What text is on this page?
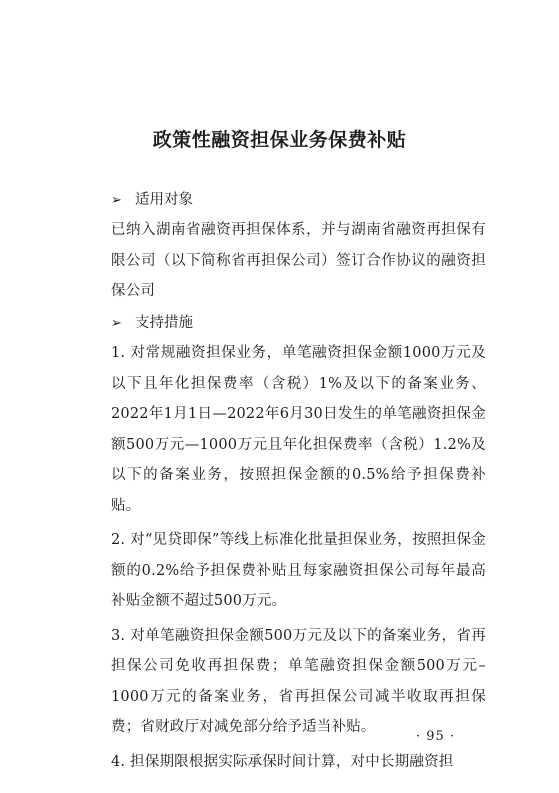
政策性融资担保业务保费补贴
➢ 适用对象

已纳入湖南省融资再担保体系，并与湖南省融资再担保有限公司（以下简称省再担保公司）签订合作协议的融资担保公司

➢ 支持措施

1. 对常规融资担保业务，单笔融资担保金额1000万元及以下且年化担保费率（含税）1%及以下的备案业务、2022年1月1日—2022年6月30日发生的单笔融资担保金额500万元—1000万元且年化担保费率（含税）1.2%及以下的备案业务，按照担保金额的0.5%给予担保费补贴。

2. 对“见贷即保”等线上标准化批量担保业务，按照担保金额的0.2%给予担保费补贴且每家融资担保公司每年最高补贴金额不超过500万元。

3. 对单笔融资担保金额500万元及以下的备案业务，省再担保公司免收再担保费；单笔融资担保金额500万元–1000万元的备案业务，省再担保公司减半收取再担保费；省财政厅对减免部分给予适当补贴。

4. 担保期限根据实际承保时间计算，对中长期融资担

· 95 ·
